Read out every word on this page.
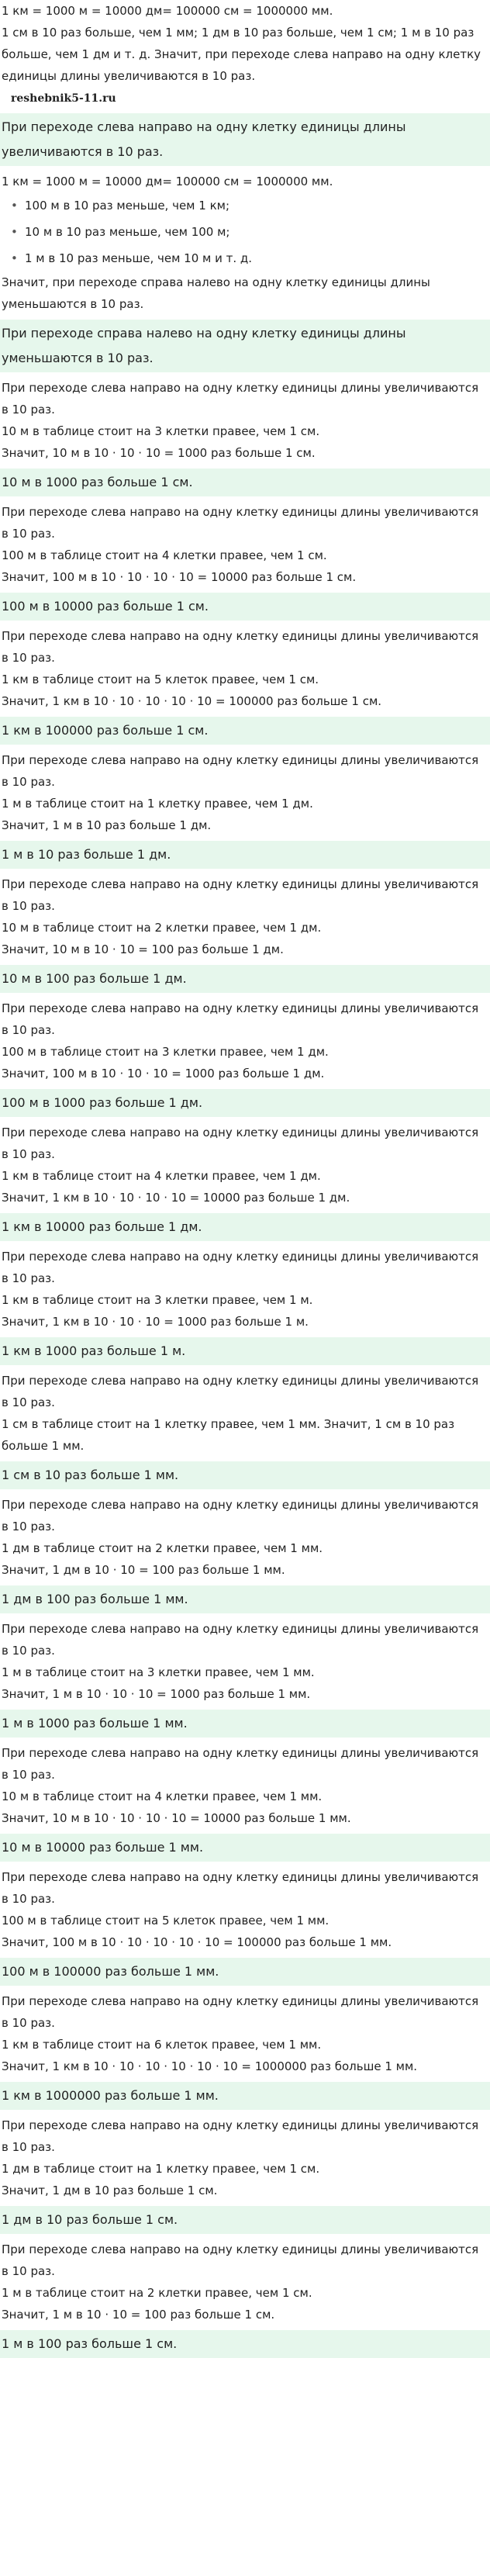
1 км = 1000 м = 10000 дм= 100000 см = 1000000 мм.

1 см в 10 раз больше, чем 1 мм; 1 дм в 10 раз больше, чем 1 см; 1 м в 10 раз больше, чем 1 дм и т. д. Значит, при переходе слева направо на одну клетку единицы длины увеличиваются в 10 раз.

reshebnik5-11.ru

При переходе слева направо на одну клетку единицы длины увеличиваются в 10 раз.

1 км = 1000 м = 10000 дм= 100000 см = 1000000 мм.

• 100 м в 10 раз меньше, чем 1 км;
• 10 м в 10 раз меньше, чем 100 м;
• 1 м в 10 раз меньше, чем 10 м и т. д.

Значит, при переходе справа налево на одну клетку единицы длины уменьшаются в 10 раз.

При переходе справа налево на одну клетку единицы длины уменьшаются в 10 раз.

При переходе слева направо на одну клетку единицы длины увеличиваются в 10 раз.

10 м в таблице стоит на 3 клетки правее, чем 1 см.

Значит, 10 м в 10 · 10 · 10 = 1000 раз больше 1 см.

10 м в 1000 раз больше 1 см.

При переходе слева направо на одну клетку единицы длины увеличиваются в 10 раз.

100 м в таблице стоит на 4 клетки правее, чем 1 см.

Значит, 100 м в 10 · 10 · 10 · 10 = 10000 раз больше 1 см.

100 м в 10000 раз больше 1 см.

При переходе слева направо на одну клетку единицы длины увеличиваются в 10 раз.

1 км в таблице стоит на 5 клеток правее, чем 1 см.

Значит, 1 км в 10 · 10 · 10 · 10 · 10 = 100000 раз больше 1 см.

1 км в 100000 раз больше 1 см.

При переходе слева направо на одну клетку единицы длины увеличиваются в 10 раз.

1 м в таблице стоит на 1 клетку правее, чем 1 дм.

Значит, 1 м в 10 раз больше 1 дм.

1 м в 10 раз больше 1 дм.

При переходе слева направо на одну клетку единицы длины увеличиваются в 10 раз.

10 м в таблице стоит на 2 клетки правее, чем 1 дм.

Значит, 10 м в 10 · 10 = 100 раз больше 1 дм.

10 м в 100 раз больше 1 дм.

При переходе слева направо на одну клетку единицы длины увеличиваются в 10 раз.

100 м в таблице стоит на 3 клетки правее, чем 1 дм.

Значит, 100 м в 10 · 10 · 10 = 1000 раз больше 1 дм.

100 м в 1000 раз больше 1 дм.

При переходе слева направо на одну клетку единицы длины увеличиваются в 10 раз.

1 км в таблице стоит на 4 клетки правее, чем 1 дм.

Значит, 1 км в 10 · 10 · 10 · 10 = 10000 раз больше 1 дм.

1 км в 10000 раз больше 1 дм.

При переходе слева направо на одну клетку единицы длины увеличиваются в 10 раз.

1 км в таблице стоит на 3 клетки правее, чем 1 м.

Значит, 1 км в 10 · 10 · 10 = 1000 раз больше 1 м.

1 км в 1000 раз больше 1 м.

При переходе слева направо на одну клетку единицы длины увеличиваются в 10 раз.

1 см в таблице стоит на 1 клетку правее, чем 1 мм. Значит, 1 см в 10 раз больше 1 мм.

1 см в 10 раз больше 1 мм.

При переходе слева направо на одну клетку единицы длины увеличиваются в 10 раз.

1 дм в таблице стоит на 2 клетки правее, чем 1 мм.

Значит, 1 дм в 10 · 10 = 100 раз больше 1 мм.

1 дм в 100 раз больше 1 мм.

При переходе слева направо на одну клетку единицы длины увеличиваются в 10 раз.

1 м в таблице стоит на 3 клетки правее, чем 1 мм.

Значит, 1 м в 10 · 10 · 10 = 1000 раз больше 1 мм.

1 м в 1000 раз больше 1 мм.

При переходе слева направо на одну клетку единицы длины увеличиваются в 10 раз.

10 м в таблице стоит на 4 клетки правее, чем 1 мм.

Значит, 10 м в 10 · 10 · 10 · 10 = 10000 раз больше 1 мм.

10 м в 10000 раз больше 1 мм.

При переходе слева направо на одну клетку единицы длины увеличиваются в 10 раз.

100 м в таблице стоит на 5 клеток правее, чем 1 мм.

Значит, 100 м в 10 · 10 · 10 · 10 · 10 = 100000 раз больше 1 мм.

100 м в 100000 раз больше 1 мм.

При переходе слева направо на одну клетку единицы длины увеличиваются в 10 раз.

1 км в таблице стоит на 6 клеток правее, чем 1 мм.

Значит, 1 км в 10 · 10 · 10 · 10 · 10 · 10 = 1000000 раз больше 1 мм.

1 км в 1000000 раз больше 1 мм.

При переходе слева направо на одну клетку единицы длины увеличиваются в 10 раз.

1 дм в таблице стоит на 1 клетку правее, чем 1 см.

Значит, 1 дм в 10 раз больше 1 см.

1 дм в 10 раз больше 1 см.

При переходе слева направо на одну клетку единицы длины увеличиваются в 10 раз.

1 м в таблице стоит на 2 клетки правее, чем 1 см.

Значит, 1 м в 10 · 10 = 100 раз больше 1 см.

1 м в 100 раз больше 1 см.
